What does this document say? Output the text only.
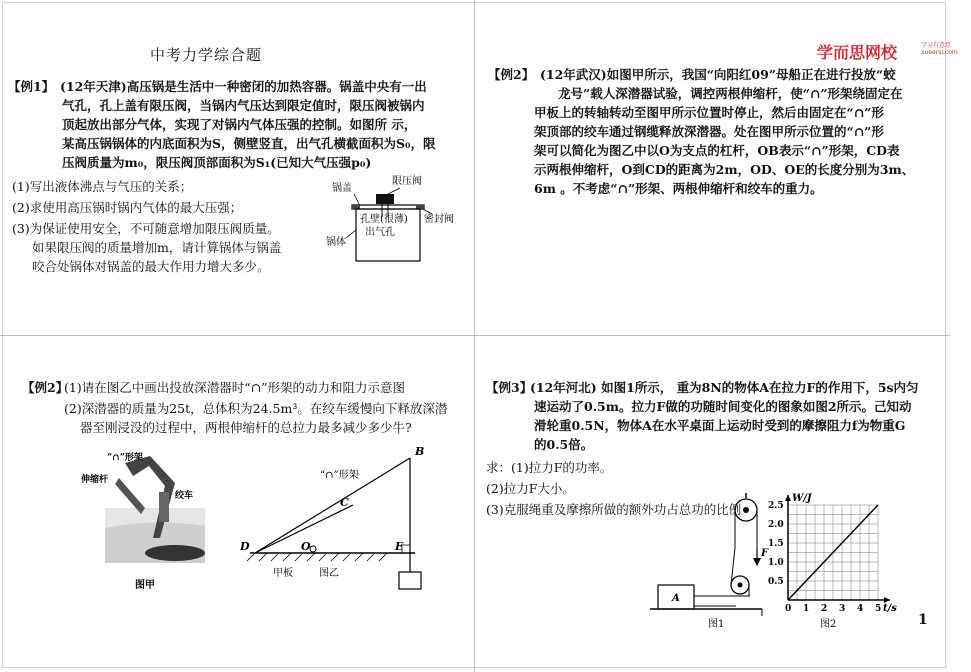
中考力学综合题
【例1】 (12年天津)高压锅是生活中一种密闭的加热容器。锅盖中央有一出
气孔，孔上盖有限压阀，当锅内气压达到限定值时，限压阀被锅内
顶起放出部分气体，实现了对锅内气体压强的控制。如图所 示，
某高压锅锅体的内底面积为S，侧壁竖直，出气孔横截面积为S₀，限
压阀质量为m₀，限压阀顶部面积为S₁(已知大气压强p₀)
(1)写出液体沸点与气压的关系；
(2)求使用高压锅时锅内气体的最大压强；
(3)为保证使用安全，不可随意增加限压阀质量。
如果限压阀的质量增加m，请计算锅体与锅盖
咬合处锅体对锅盖的最大作用力增大多少。
锅盖
限压阀
孔壁(很薄)
出气孔
密封阀
锅体
学而思网校	学习有意思 xueersi.com
【例2】 (12年武汉)如图甲所示，我国“向阳红09”母船正在进行投放“蛟
龙号”载人深潜器试验，调控两根伸缩杆，使“∩”形架绕固定在
甲板上的转轴转动至图甲所示位置时停止，然后由固定在“∩”形
架顶部的绞车通过钢缆释放深潜器。处在图甲所示位置的“∩”形
架可以简化为图乙中以O为支点的杠杆，OB表示“∩”形架，CD表
示两根伸缩杆，O到CD的距离为2m，OD、OE的长度分别为3m、
6m 。不考虑“∩”形架、两根伸缩杆和绞车的重力。
【例2】
(1)请在图乙中画出投放深潜器时“∩”形架的动力和阻力示意图
(2)深潜器的质量为25t，总体积为24.5m³。在绞车缓慢向下释放深潜
器至刚浸没的过程中，两根伸缩杆的总拉力最多减少多少牛?
“∩”形架
伸缩杆
绞车
图甲
“∩”形架
B
C
D	O	E
甲板	图乙
【例3】
(12年河北) 如图1所示， 重为8N的物体A在拉力F的作用下，5s内匀
速运动了0.5m。拉力F做的功随时间变化的图象如图2所示。己知动
滑轮重0.5N，物体A在水平桌面上运动时受到的摩擦阻力f为物重G
的0.5倍。
求：(1)拉力F的功率。
(2)拉力F大小。
(3)克服绳重及摩擦所做的额外功占总功的比例
F
A
图1
0 1 2 3 4 5
0.5
1.0
1.5
2.0
2.5
W/J
t/s
图2	1
